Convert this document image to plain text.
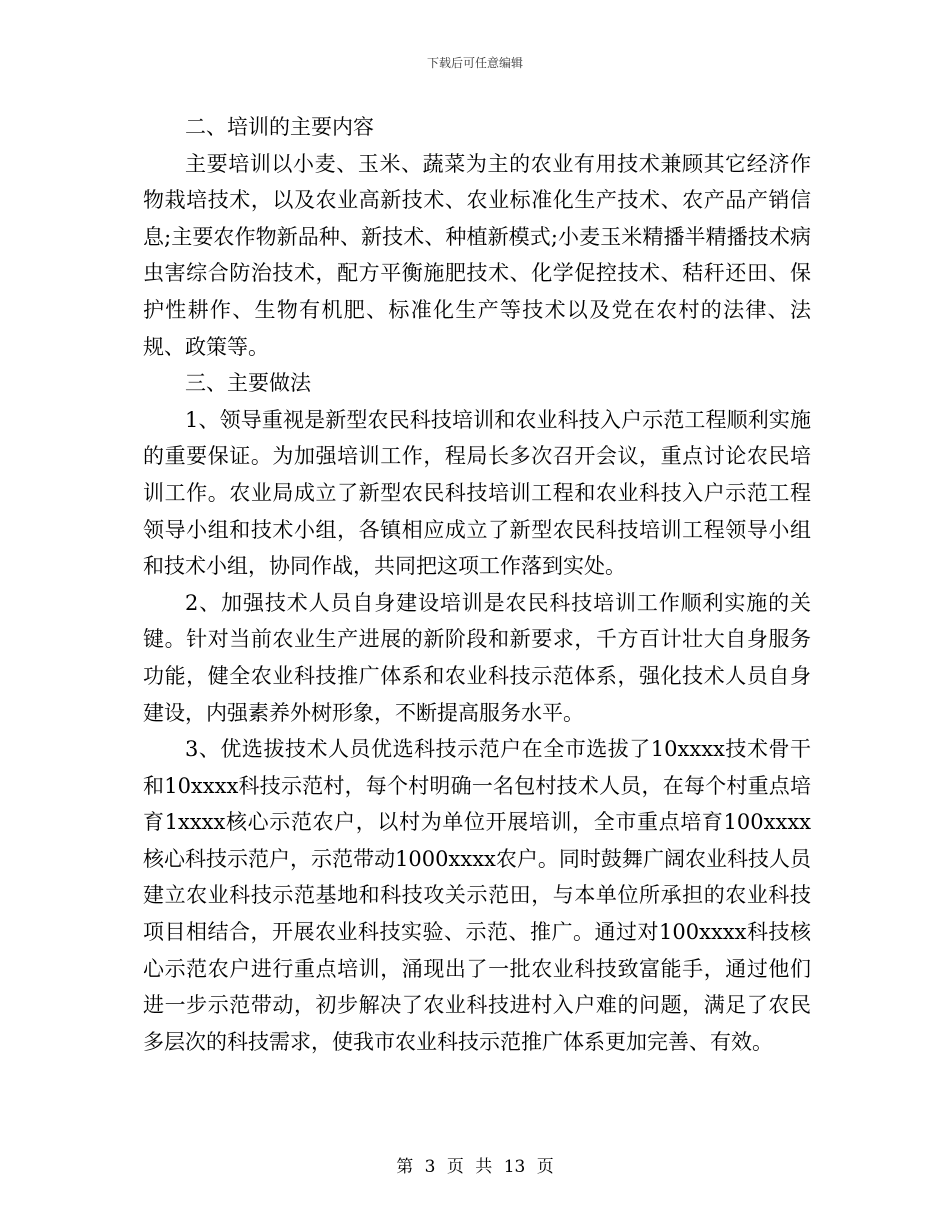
下载后可任意编辑

二、培训的主要内容

主要培训以小麦、玉米、蔬菜为主的农业有用技术兼顾其它经济作物栽培技术，以及农业高新技术、农业标准化生产技术、农产品产销信息;主要农作物新品种、新技术、种植新模式;小麦玉米精播半精播技术病虫害综合防治技术，配方平衡施肥技术、化学促控技术、秸秆还田、保护性耕作、生物有机肥、标准化生产等技术以及党在农村的法律、法规、政策等。

三、主要做法

1、领导重视是新型农民科技培训和农业科技入户示范工程顺利实施的重要保证。为加强培训工作，程局长多次召开会议，重点讨论农民培训工作。农业局成立了新型农民科技培训工程和农业科技入户示范工程领导小组和技术小组，各镇相应成立了新型农民科技培训工程领导小组和技术小组，协同作战，共同把这项工作落到实处。

2、加强技术人员自身建设培训是农民科技培训工作顺利实施的关键。针对当前农业生产进展的新阶段和新要求，千方百计壮大自身服务功能，健全农业科技推广体系和农业科技示范体系，强化技术人员自身建设，内强素养外树形象，不断提高服务水平。

3、优选拔技术人员优选科技示范户在全市选拔了10xxxx技术骨干和10xxxx科技示范村，每个村明确一名包村技术人员，在每个村重点培育1xxxx核心示范农户，以村为单位开展培训，全市重点培育100xxxx核心科技示范户，示范带动1000xxxx农户。同时鼓舞广阔农业科技人员建立农业科技示范基地和科技攻关示范田，与本单位所承担的农业科技项目相结合，开展农业科技实验、示范、推广。通过对100xxxx科技核心示范农户进行重点培训，涌现出了一批农业科技致富能手，通过他们进一步示范带动，初步解决了农业科技进村入户难的问题，满足了农民多层次的科技需求，使我市农业科技示范推广体系更加完善、有效。

第 3 页 共 13 页
